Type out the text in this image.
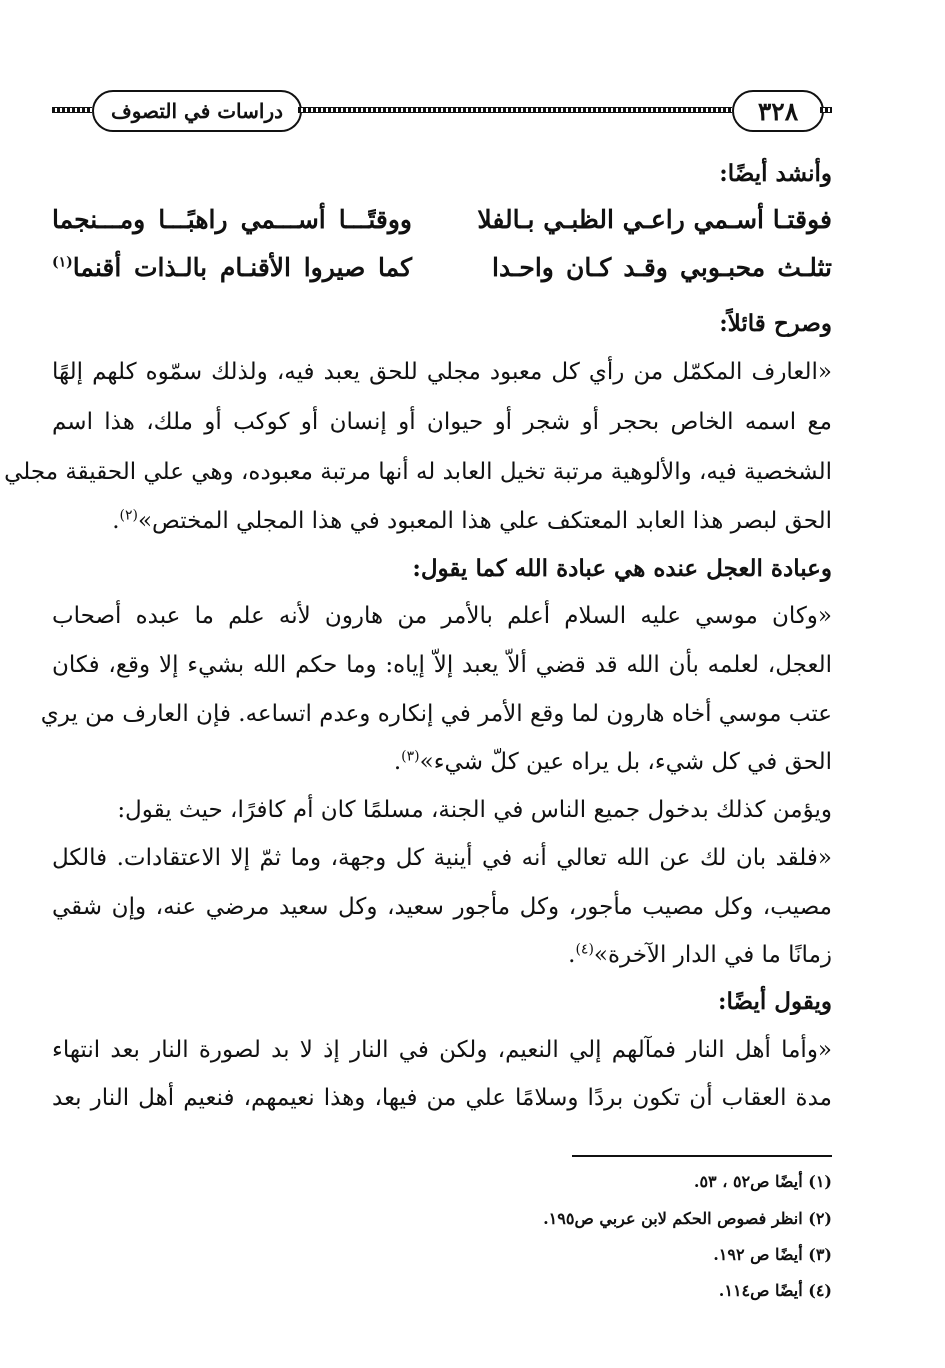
دراسات في التصوف	٣٢٨
وأنشد أيضًا:
فوقتـا أسـمي راعـي الظبـي بـالفلا
ووقتًـــا أســـمي راهبًـــا ومـــنجما
تثلـث محبـوبي وقـد كـان واحـدا
كما صيروا الأقنـام بالـذات أقنما$^{(١)}$
وصرح قائلاً:
«العارف المكمّل من رأي كل معبود مجلي للحق يعبد فيه، ولذلك سمّوه كلهم إلهًا
مع اسمه الخاص بحجر أو شجر أو حيوان أو إنسان أو كوكب أو ملك، هذا اسم
الشخصية فيه، والألوهية مرتبة تخيل العابد له أنها مرتبة معبوده، وهي علي الحقيقة مجلي
الحق لبصر هذا العابد المعتكف علي هذا المعبود في هذا المجلي المختص»$^{(٢)}$.
وعبادة العجل عنده هي عبادة الله كما يقول:
«وكان موسي عليه السلام أعلم بالأمر من هارون لأنه علم ما عبده أصحاب
العجل، لعلمه بأن الله قد قضي ألاّ يعبد إلاّ إياه: وما حكم الله بشيء إلا وقع، فكان
عتب موسي أخاه هارون لما وقع الأمر في إنكاره وعدم اتساعه. فإن العارف من يري
الحق في كل شيء، بل يراه عين كلّ شيء»$^{(٣)}$.
ويؤمن كذلك بدخول جميع الناس في الجنة، مسلمًا كان أم كافرًا، حيث يقول:
«فلقد بان لك عن الله تعالي أنه في أينية كل وجهة، وما ثمّ إلا الاعتقادات. فالكل
مصيب، وكل مصيب مأجور، وكل مأجور سعيد، وكل سعيد مرضي عنه، وإن شقي
زمانًا ما في الدار الآخرة»$^{(٤)}$.
ويقول أيضًا:
«وأما أهل النار فمآلهم إلي النعيم، ولكن في النار إذ لا بد لصورة النار بعد انتهاء
مدة العقاب أن تكون بردًا وسلامًا علي من فيها، وهذا نعيمهم، فنعيم أهل النار بعد
(١) أيضًا ص٥٢ ، ٥٣.
(٢) انظر فصوص الحكم لابن عربي ص١٩٥.
(٣) أيضًا ص ١٩٢.
(٤) أيضًا ص١١٤.
